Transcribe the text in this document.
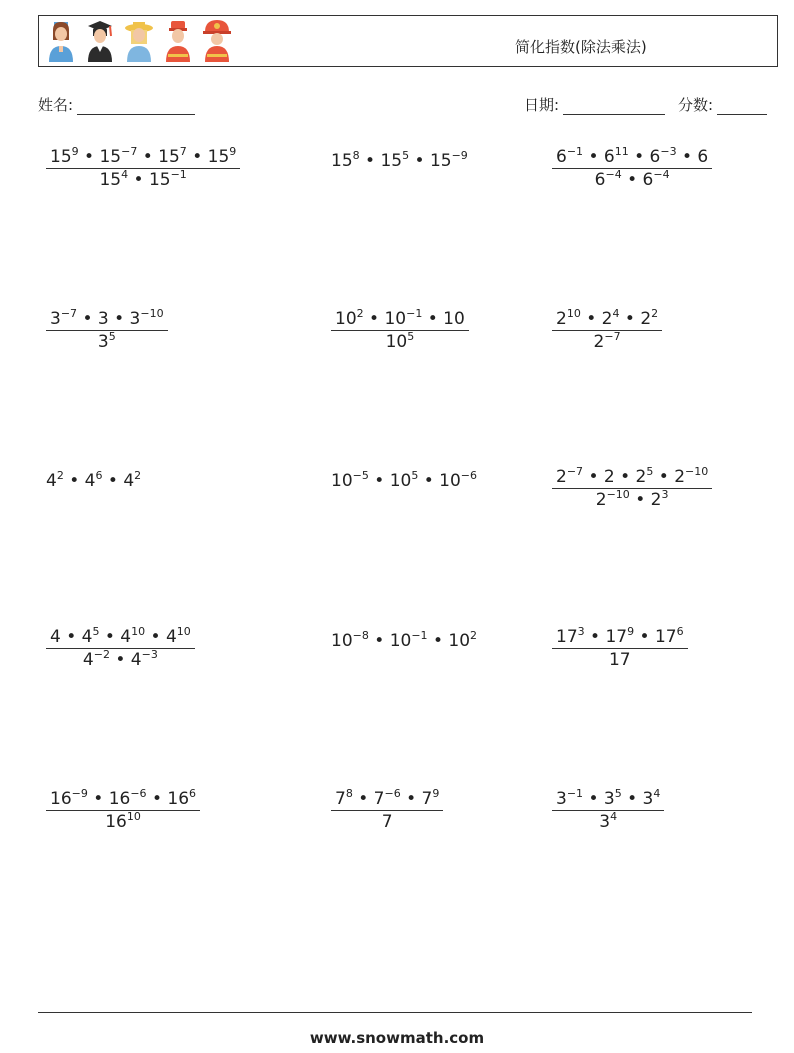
简化指数(除法乘法)
姓名:	日期:	分数:
$\frac{15^9 • 15^{-7} • 15^7 • 15^9}{15^4 • 15^{-1}}$	$15^8$ • $15^5$ • $15^{-9}$	$\frac{6^{-1} • 6^{11} • 6^{-3} • 6}{6^{-4} • 6^{-4}}$
$\frac{3^{-7} • 3 • 3^{-10}}{3^5}$	$\frac{10^2 • 10^{-1} • 10}{10^5}$	$\frac{2^{10} • 2^4 • 2^2}{2^{-7}}$
$4^2$ • $4^6$ • $4^2$	$10^{-5}$ • $10^5$ • $10^{-6}$	$\frac{2^{-7} • 2 • 2^5 • 2^{-10}}{2^{-10} • 2^3}$
$\frac{4 • 4^5 • 4^{10} • 4^{10}}{4^{-2} • 4^{-3}}$	$10^{-8}$ • $10^{-1}$ • $10^2$	$\frac{17^3 • 17^9 • 17^6}{17}$
$\frac{16^{-9} • 16^{-6} • 16^6}{16^{10}}$	$\frac{7^8 • 7^{-6} • 7^9}{7}$	$\frac{3^{-1} • 3^5 • 3^4}{3^4}$
www.snowmath.com
